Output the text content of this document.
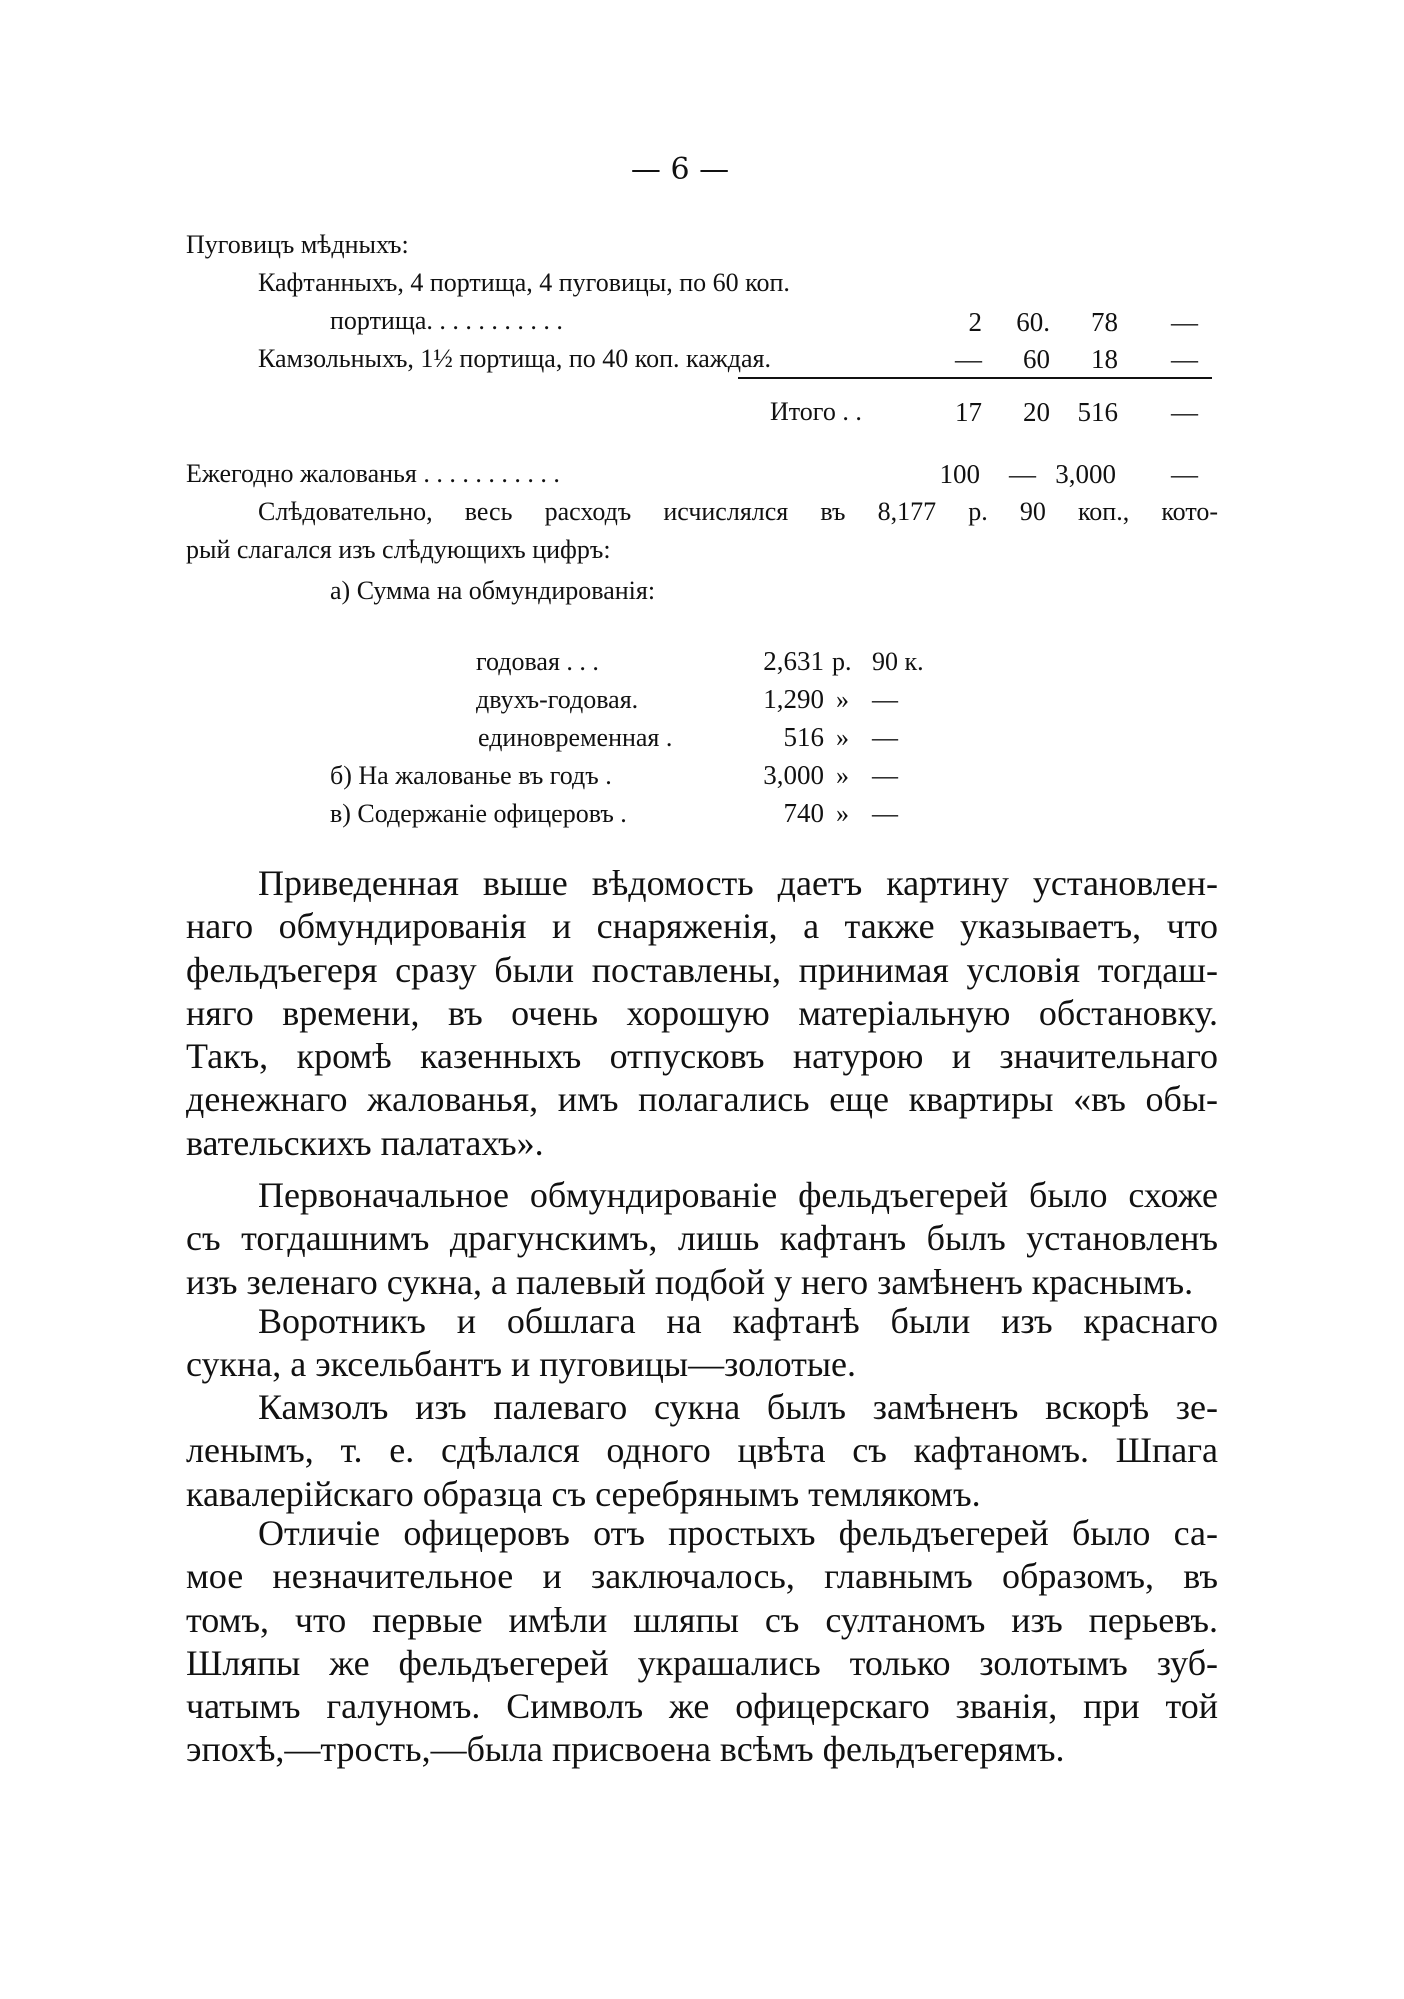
— 6 —
Пуговицъ мѣдныхъ:
Кафтанныхъ, 4 портища, 4 пуговицы, по 60 коп.
портища. . . . . . . . . . .	2	60.	78	—
Камзольныхъ, 1½ портища, по 40 коп. каждая.	—	60	18	—
Итого . .	17	20	516	—
Ежегодно жалованья . . . . . . . . . . .	100	— 3,000	—
Слѣдовательно, весь расходъ исчислялся въ 8,177 р. 90 коп., кото-
рый слагался изъ слѣдующихъ цифръ:
а) Сумма на обмундированія:
годовая . . .	2,631 р. 90 к.
двухъ-годовая.	1,290 » —
единовременная .	516 » —
б) На жалованье въ годъ .	3,000 » —
в) Содержаніе офицеровъ .	740 » —
Приведенная выше вѣдомость даетъ картину установлен-
наго обмундированія и снаряженія, а также указываетъ, что
фельдъегеря сразу были поставлены, принимая условія тогдаш-
няго времени, въ очень хорошую матеріальную обстановку.
Такъ, кромѣ казенныхъ отпусковъ натурою и значительнаго
денежнаго жалованья, имъ полагались еще квартиры «въ обы-
вательскихъ палатахъ».
Первоначальное обмундированіе фельдъегерей было схоже
съ тогдашнимъ драгунскимъ, лишь кафтанъ былъ установленъ
изъ зеленаго сукна, а палевый подбой у него замѣненъ краснымъ.
Воротникъ и обшлага на кафтанѣ были изъ краснаго
сукна, а эксельбантъ и пуговицы—золотые.
Камзолъ изъ палеваго сукна былъ замѣненъ вскорѣ зе-
ленымъ, т. е. сдѣлался одного цвѣта съ кафтаномъ. Шпага
кавалерійскаго образца съ серебрянымъ темлякомъ.
Отличіе офицеровъ отъ простыхъ фельдъегерей было са-
мое незначительное и заключалось, главнымъ образомъ, въ
томъ, что первые имѣли шляпы съ султаномъ изъ перьевъ.
Шляпы же фельдъегерей украшались только золотымъ зуб-
чатымъ галуномъ. Символъ же офицерскаго званія, при той
эпохѣ,—трость,—была присвоена всѣмъ фельдъегерямъ.
